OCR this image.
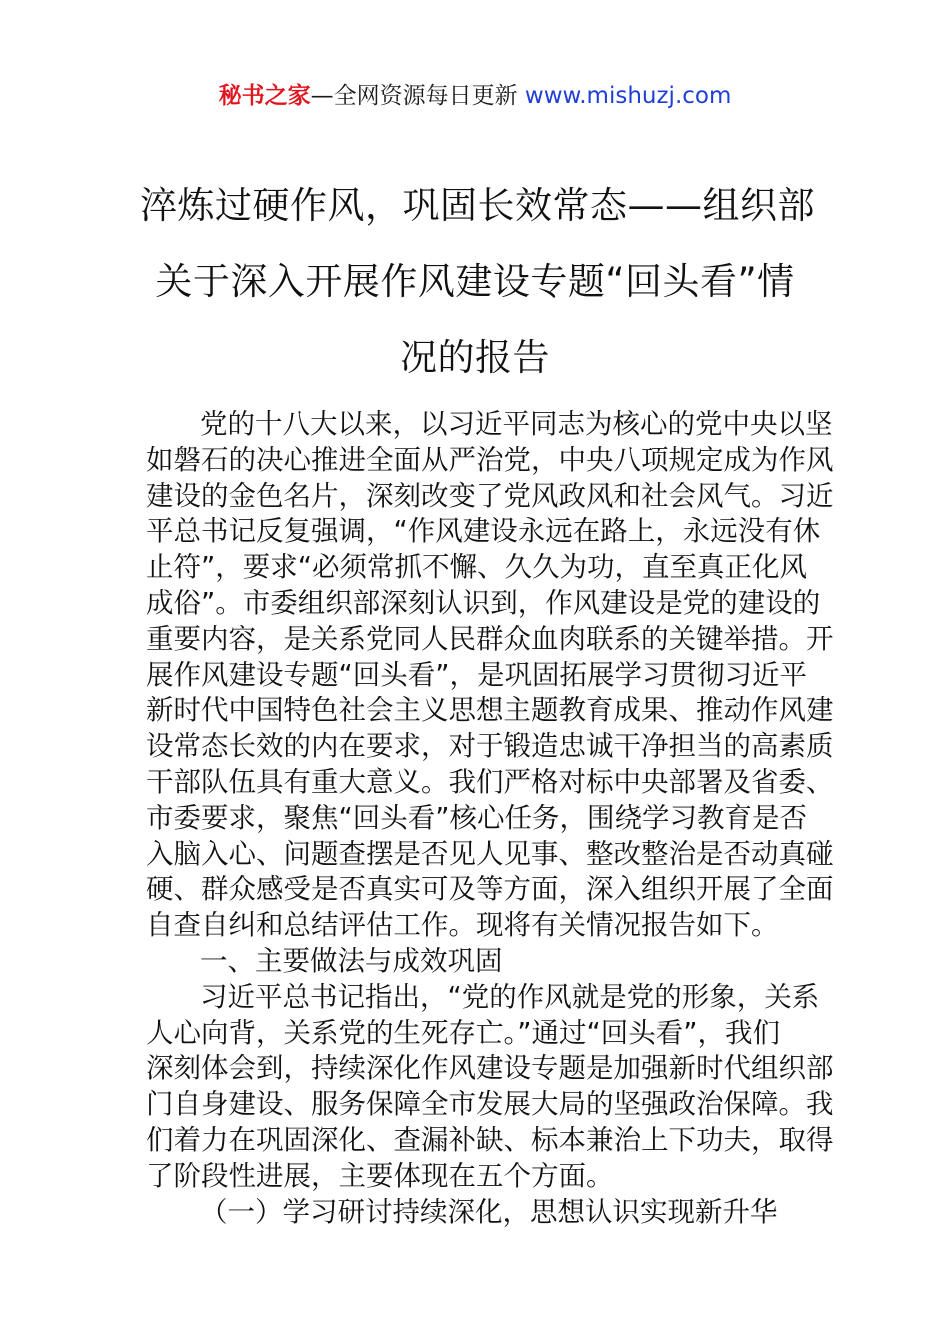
秘书之家—全网资源每日更新 www.mishuzj.com
淬炼过硬作风，巩固长效常态——组织部
关于深入开展作风建设专题“回头看”情
况的报告
党的十八大以来，以习近平同志为核心的党中央以坚
如磐石的决心推进全面从严治党，中央八项规定成为作风
建设的金色名片，深刻改变了党风政风和社会风气。习近
平总书记反复强调，“作风建设永远在路上，永远没有休
止符”，要求“必须常抓不懈、久久为功，直至真正化风
成俗”。市委组织部深刻认识到，作风建设是党的建设的
重要内容，是关系党同人民群众血肉联系的关键举措。开
展作风建设专题“回头看”，是巩固拓展学习贯彻习近平
新时代中国特色社会主义思想主题教育成果、推动作风建
设常态长效的内在要求，对于锻造忠诚干净担当的高素质
干部队伍具有重大意义。我们严格对标中央部署及省委、
市委要求，聚焦“回头看”核心任务，围绕学习教育是否
入脑入心、问题查摆是否见人见事、整改整治是否动真碰
硬、群众感受是否真实可及等方面，深入组织开展了全面
自查自纠和总结评估工作。现将有关情况报告如下。
一、主要做法与成效巩固
习近平总书记指出，“党的作风就是党的形象，关系
人心向背，关系党的生死存亡。”通过“回头看”，我们
深刻体会到，持续深化作风建设专题是加强新时代组织部
门自身建设、服务保障全市发展大局的坚强政治保障。我
们着力在巩固深化、查漏补缺、标本兼治上下功夫，取得
了阶段性进展，主要体现在五个方面。
（一）学习研讨持续深化，思想认识实现新升华
